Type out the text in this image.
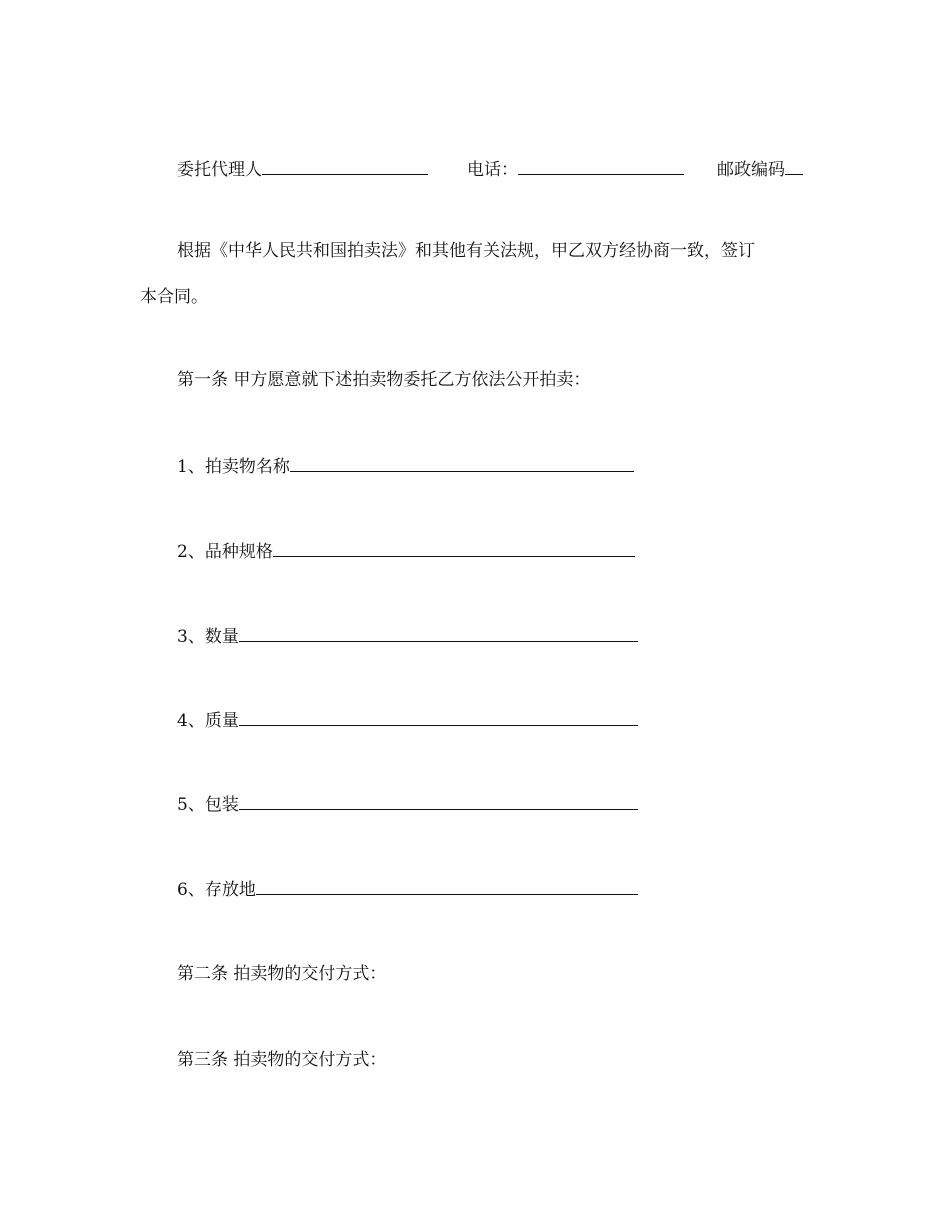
委托代理人	电话：	邮政编码
根据《中华人民共和国拍卖法》和其他有关法规，甲乙双方经协商一致，签订
本合同。
第一条 甲方愿意就下述拍卖物委托乙方依法公开拍卖：
1、拍卖物名称
2、品种规格
3、数量
4、质量
5、包装
6、存放地
第二条 拍卖物的交付方式：
第三条 拍卖物的交付方式：
